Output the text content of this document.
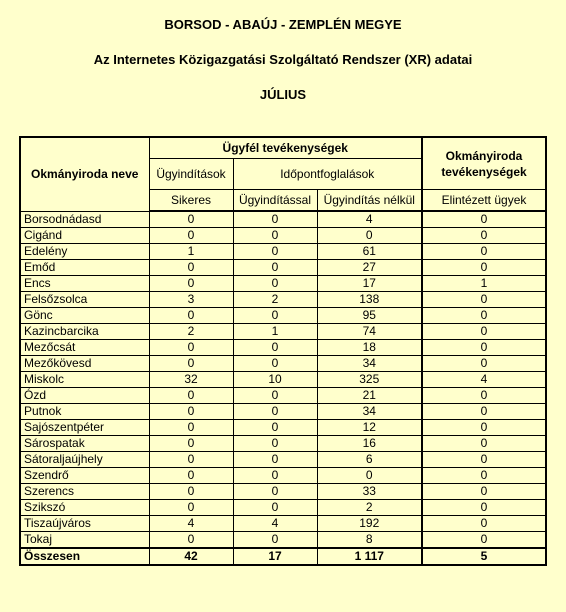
BORSOD - ABAÚJ - ZEMPLÉN MEGYE
Az Internetes Közigazgatási Szolgáltató Rendszer (XR) adatai
JÚLIUS
Okmányiroda neve	Ügyfél tevékenységek			Okmányiroda tevékenységek
	Ügyindítások	Időpontfoglalások		
	Sikeres	Ügyindítással	Ügyindítás nélkül	Elintézett ügyek
Borsodnádasd	0	0	4	0
Cigánd	0	0	0	0
Edelény	1	0	61	0
Emőd	0	0	27	0
Encs	0	0	17	1
Felsőzsolca	3	2	138	0
Gönc	0	0	95	0
Kazincbarcika	2	1	74	0
Mezőcsát	0	0	18	0
Mezőkövesd	0	0	34	0
Miskolc	32	10	325	4
Ózd	0	0	21	0
Putnok	0	0	34	0
Sajószentpéter	0	0	12	0
Sárospatak	0	0	16	0
Sátoraljaújhely	0	0	6	0
Szendrő	0	0	0	0
Szerencs	0	0	33	0
Szikszó	0	0	2	0
Tiszaújváros	4	4	192	0
Tokaj	0	0	8	0
Összesen	42	17	1 117	5
